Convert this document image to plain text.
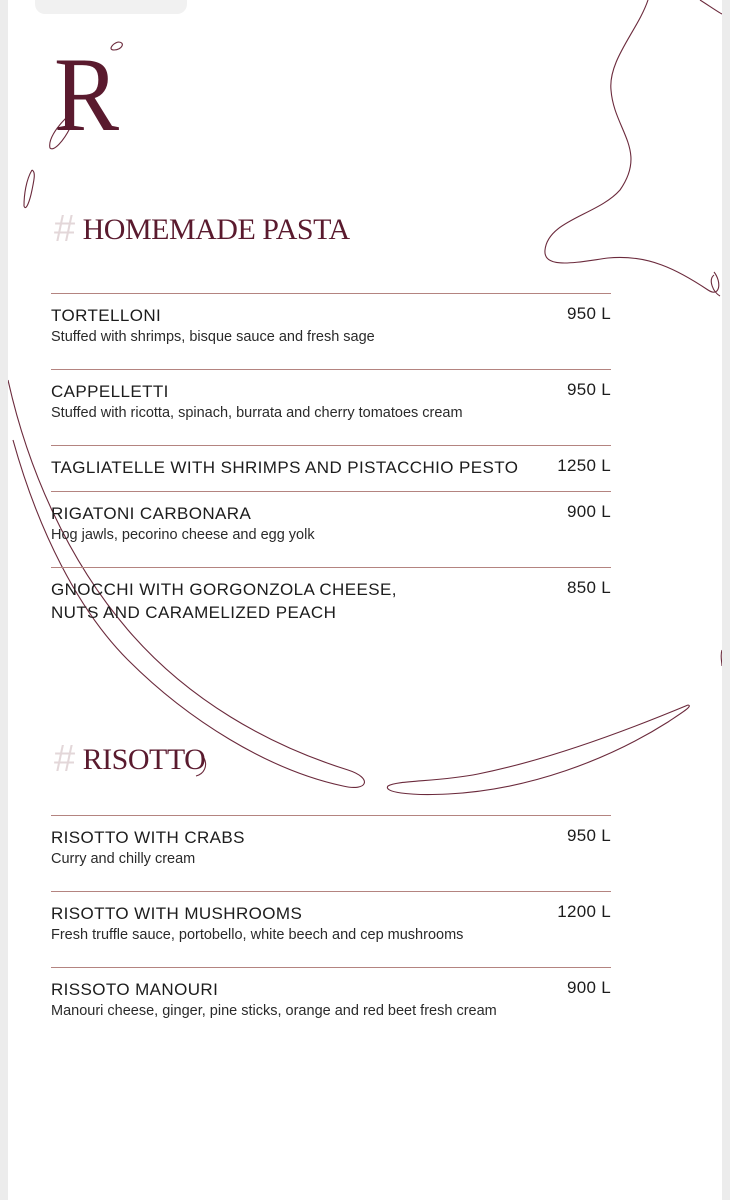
R
# HOMEMADE PASTA
TORTELLONI	950 L
Stuffed with shrimps, bisque sauce and fresh sage
CAPPELLETTI	950 L
Stuffed with ricotta, spinach, burrata and cherry tomatoes cream
TAGLIATELLE WITH SHRIMPS AND PISTACCHIO PESTO 1250 L
RIGATONI CARBONARA	900 L
Hog jawls, pecorino cheese and egg yolk
GNOCCHI WITH GORGONZOLA CHEESE,
NUTS AND CARAMELIZED PEACH
850 L
# RISOTTO
RISOTTO WITH CRABS	950 L
Curry and chilly cream
RISOTTO WITH MUSHROOMS	1200 L
Fresh truffle sauce, portobello, white beech and cep mushrooms
RISSOTO MANOURI	900 L
Manouri cheese, ginger, pine sticks, orange and red beet fresh cream
